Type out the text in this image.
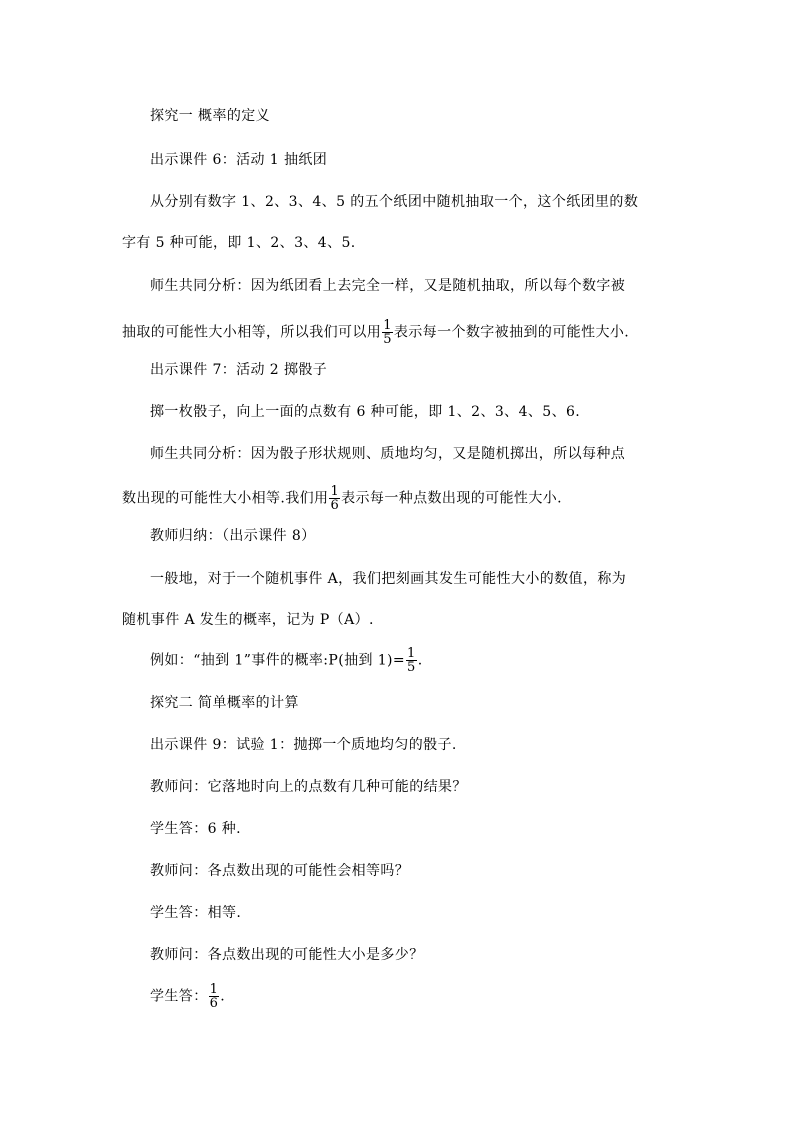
探究一 概率的定义
出示课件 6：活动 1 抽纸团
从分别有数字 1、2、3、4、5 的五个纸团中随机抽取一个，这个纸团里的数
字有 5 种可能，即 1、2、3、4、5.
师生共同分析：因为纸团看上去完全一样，又是随机抽取，所以每个数字被
抽取的可能性大小相等，所以我们可以用 $\frac{1}{5}$ 表示每一个数字被抽到的可能性大小.
出示课件 7：活动 2 掷骰子
掷一枚骰子，向上一面的点数有 6 种可能，即 1、2、3、4、5、6.
师生共同分析：因为骰子形状规则、质地均匀，又是随机掷出，所以每种点
数出现的可能性大小相等.我们用 $\frac{1}{6}$ 表示每一种点数出现的可能性大小.
教师归纳：（出示课件 8）
一般地，对于一个随机事件 A，我们把刻画其发生可能性大小的数值，称为
随机事件 A 发生的概率，记为 P（A）.
例如：“抽到 1”事件的概率:P(抽到 $1)= \frac{1}{5}$ .
探究二 简单概率的计算
出示课件 9：试验 1：抛掷一个质地均匀的骰子.
教师问：它落地时向上的点数有几种可能的结果？
学生答：6 种.
教师问：各点数出现的可能性会相等吗？
学生答：相等.
教师问：各点数出现的可能性大小是多少？
学生答： $\frac{1}{6}$ .
